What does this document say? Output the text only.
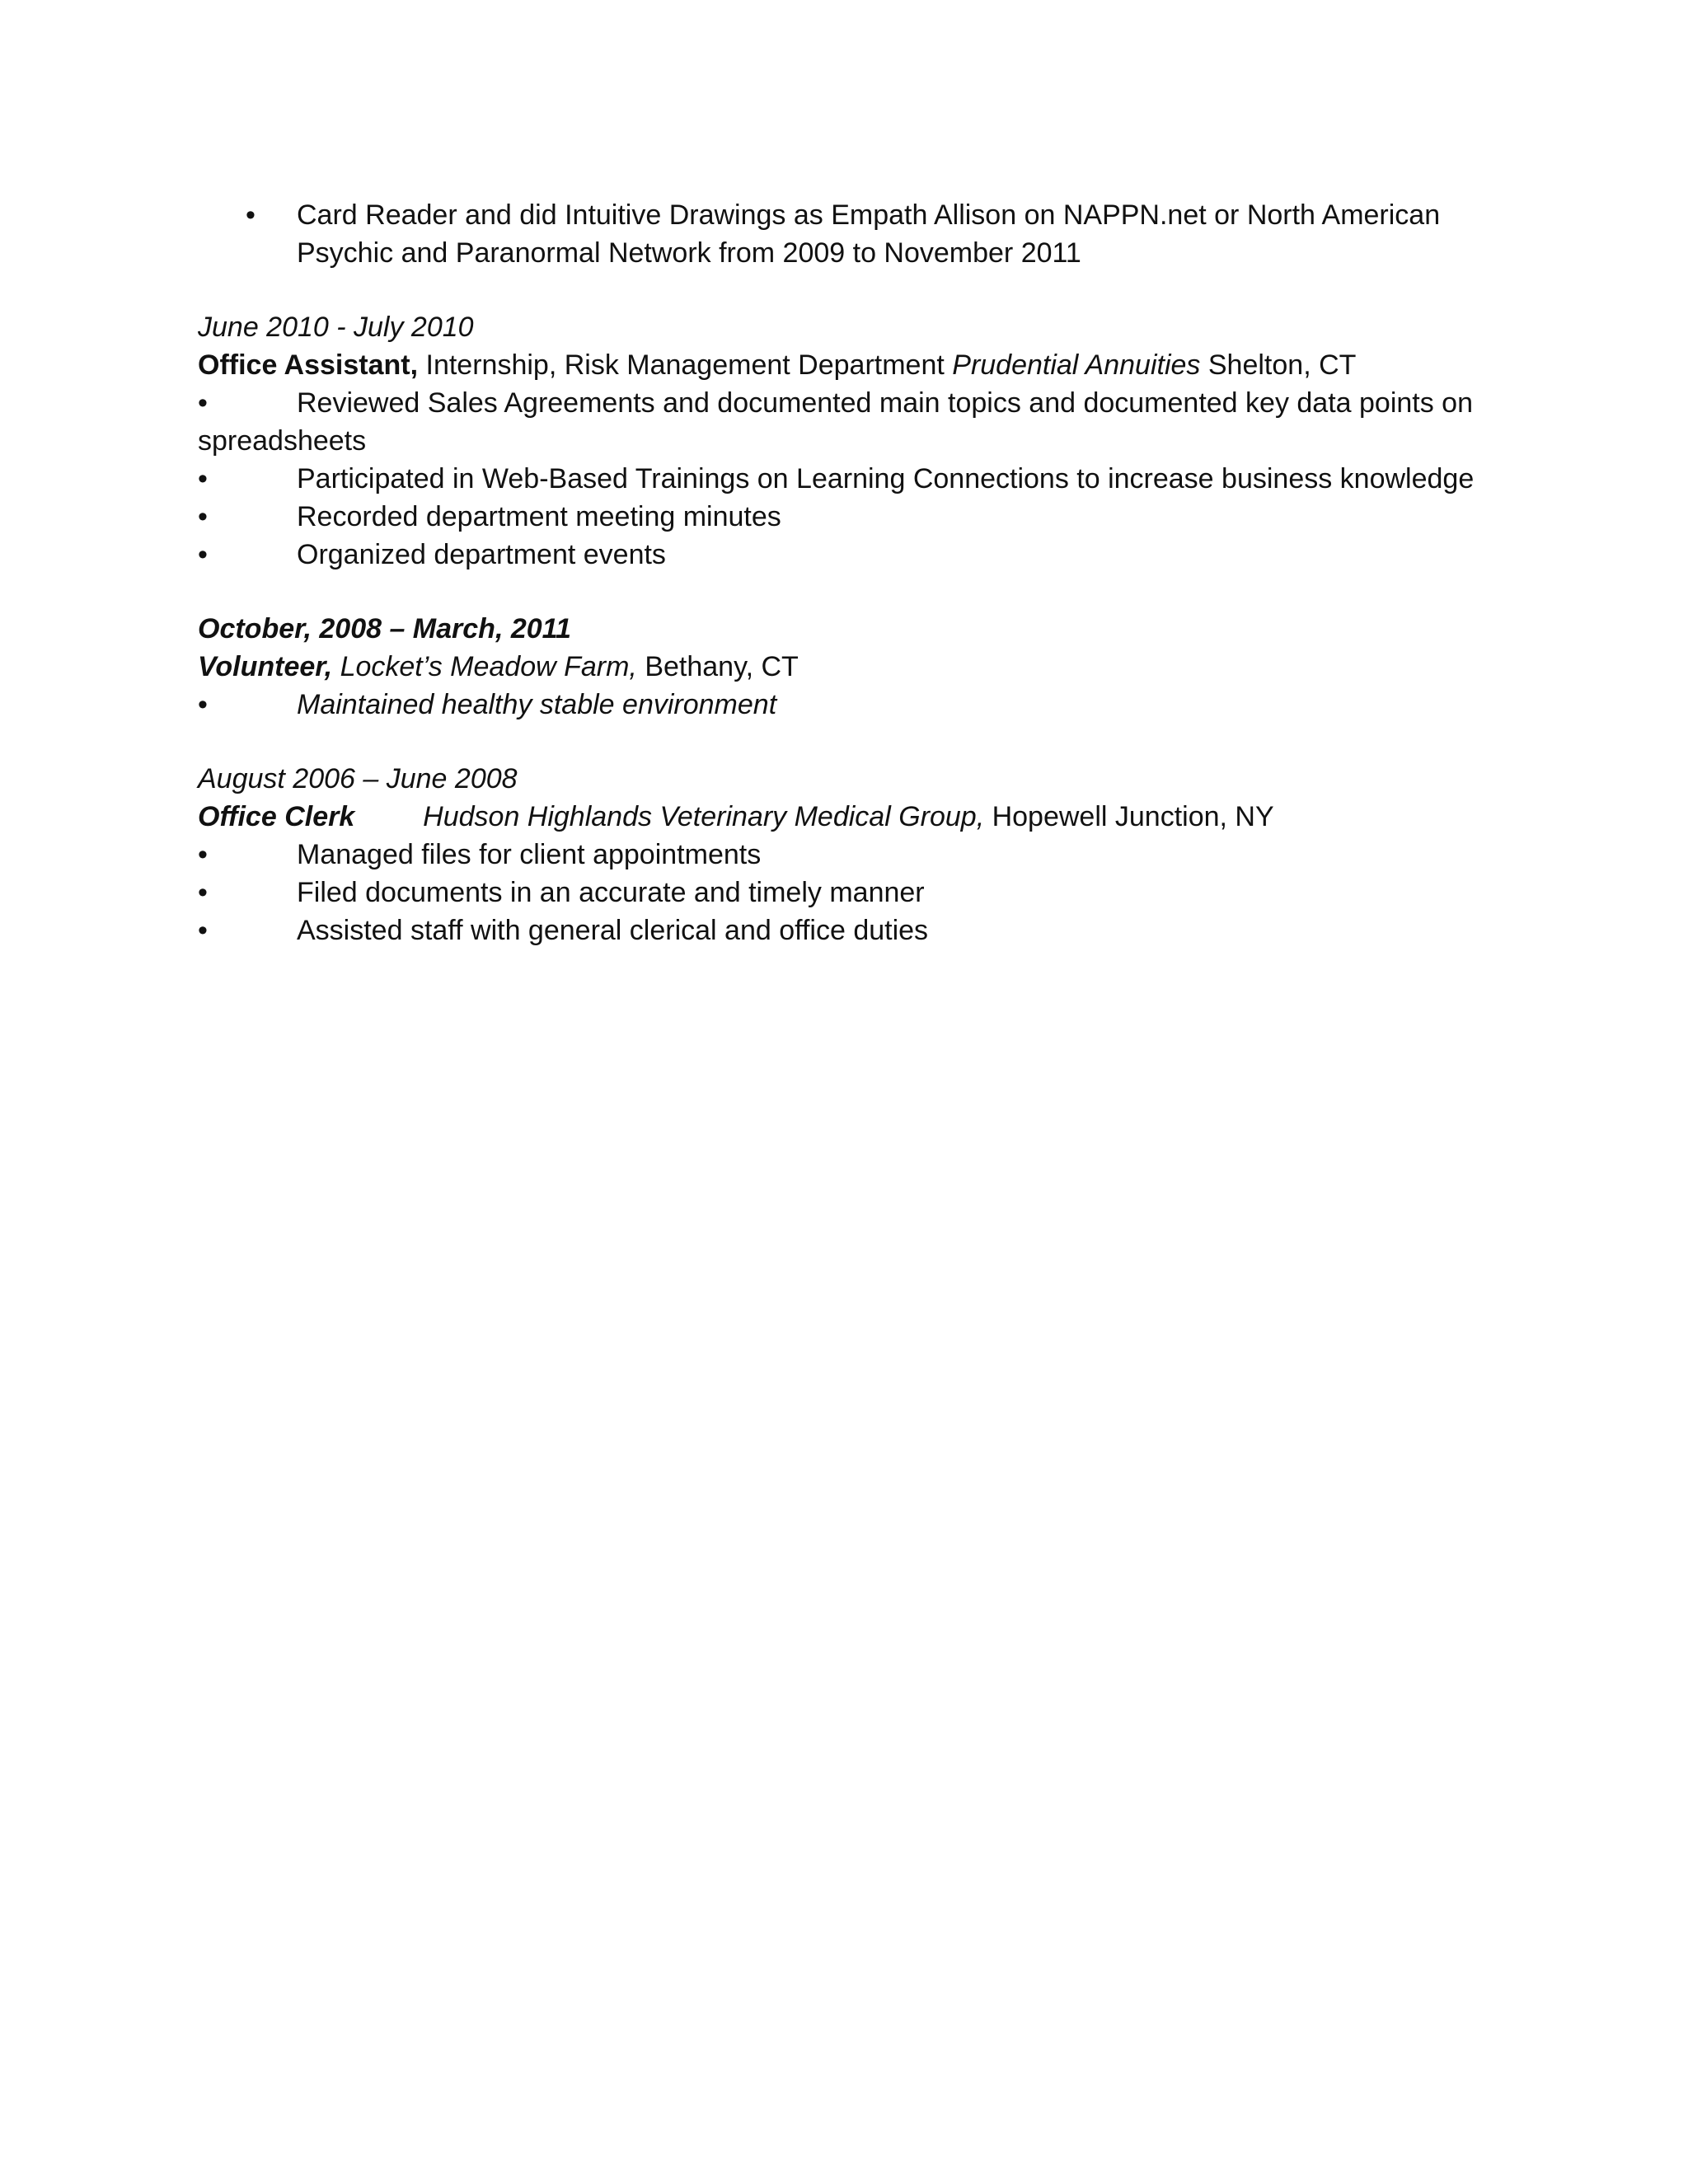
•	Card Reader and did Intuitive Drawings as Empath Allison on NAPPN.net or North American Psychic and Paranormal Network from 2009 to November 2011

June 2010 - July 2010

Office Assistant, Internship, Risk Management Department Prudential Annuities Shelton, CT

•	Reviewed Sales Agreements and documented main topics and documented key data points on

spreadsheets

•	Participated in Web-Based Trainings on Learning Connections to increase business knowledge
•	Recorded department meeting minutes
•	Organized department events

October, 2008 – March, 2011

Volunteer, Locket’s Meadow Farm, Bethany, CT

•	Maintained healthy stable environment

August 2006 – June 2008

Office Clerk Hudson Highlands Veterinary Medical Group, Hopewell Junction, NY

•	Managed files for client appointments
•	Filed documents in an accurate and timely manner
•	Assisted staff with general clerical and office duties
